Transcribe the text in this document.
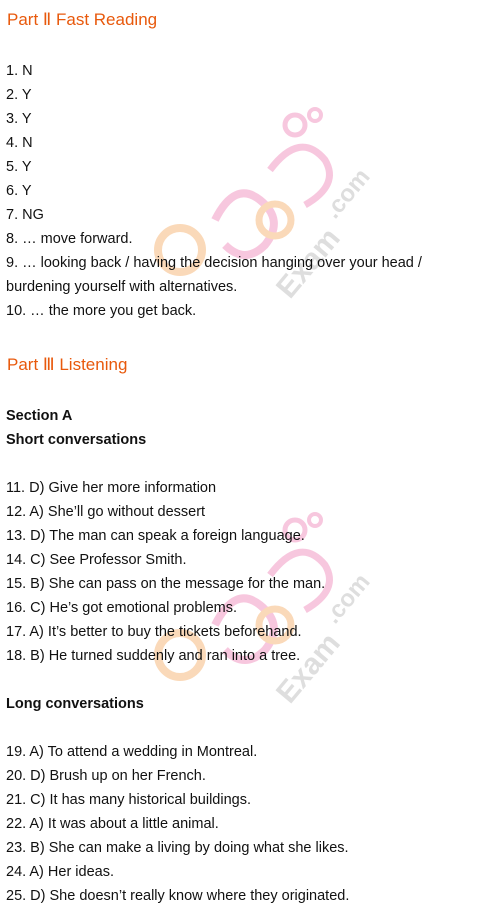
Exam
.com
Exam
.com
Part Ⅱ Fast Reading
1. N
2. Y
3. Y
4. N
5. Y
6. Y
7. NG
8. … move forward.
9. … looking back / having the decision hanging over your head /
burdening yourself with alternatives.
10. … the more you get back.
Part Ⅲ Listening
Section A
Short conversations
11. D) Give her more information
12. A) She’ll go without dessert
13. D) The man can speak a foreign language.
14. C) See Professor Smith.
15. B) She can pass on the message for the man.
16. C) He’s got emotional problems.
17. A) It’s better to buy the tickets beforehand.
18. B) He turned suddenly and ran into a tree.
Long conversations
19. A) To attend a wedding in Montreal.
20. D) Brush up on her French.
21. C) It has many historical buildings.
22. A) It was about a little animal.
23. B) She can make a living by doing what she likes.
24. A) Her ideas.
25. D) She doesn’t really know where they originated.
